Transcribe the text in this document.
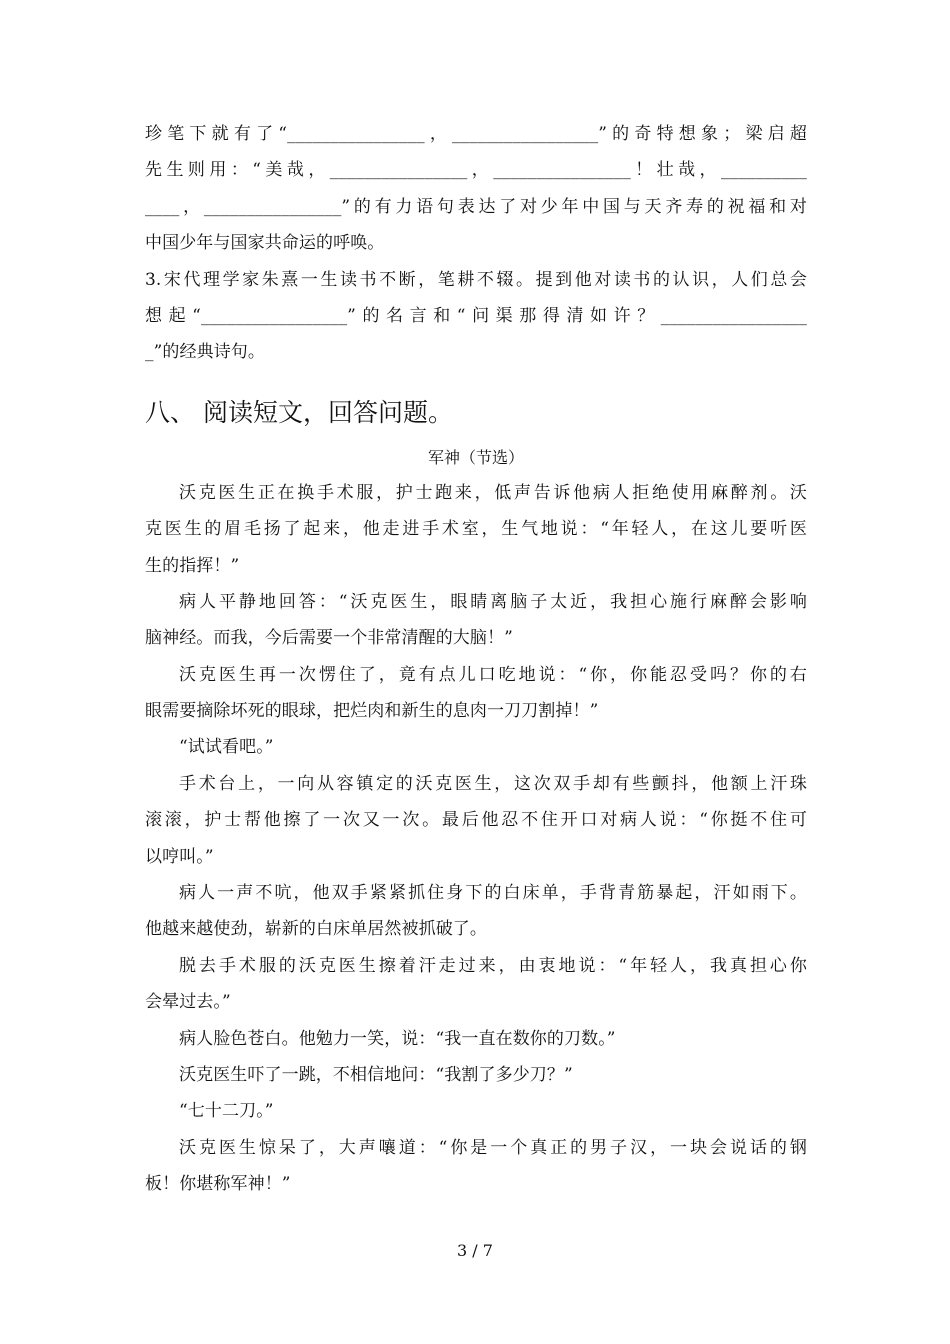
珍笔下就有了“________________，_________________”的奇特想象；梁启超
先生则用：“美哉，________________，________________！壮哉，__________
____，________________”的有力语句表达了对少年中国与天齐寿的祝福和对
中国少年与国家共命运的呼唤。
3.宋代理学家朱熹一生读书不断，笔耕不辍。提到他对读书的认识，人们总会
想起“_________________”的名言和“问渠那得清如许？_________________
_”的经典诗句。
八、 阅读短文，回答问题。
军神（节选）
沃克医生正在换手术服，护士跑来，低声告诉他病人拒绝使用麻醉剂。沃
克医生的眉毛扬了起来，他走进手术室，生气地说：“年轻人，在这儿要听医
生的指挥！”
病人平静地回答：“沃克医生，眼睛离脑子太近，我担心施行麻醉会影响
脑神经。而我，今后需要一个非常清醒的大脑！”
沃克医生再一次愣住了，竟有点儿口吃地说：“你，你能忍受吗？你的右
眼需要摘除坏死的眼球，把烂肉和新生的息肉一刀刀割掉！”
“试试看吧。”
手术台上，一向从容镇定的沃克医生，这次双手却有些颤抖，他额上汗珠
滚滚，护士帮他擦了一次又一次。最后他忍不住开口对病人说：“你挺不住可
以哼叫。”
病人一声不吭，他双手紧紧抓住身下的白床单，手背青筋暴起，汗如雨下。
他越来越使劲，崭新的白床单居然被抓破了。
脱去手术服的沃克医生擦着汗走过来，由衷地说：“年轻人，我真担心你
会晕过去。”
病人脸色苍白。他勉力一笑，说：“我一直在数你的刀数。”
沃克医生吓了一跳，不相信地问：“我割了多少刀？”
“七十二刀。”
沃克医生惊呆了，大声嚷道：“你是一个真正的男子汉，一块会说话的钢
板！你堪称军神！”
3 / 7
